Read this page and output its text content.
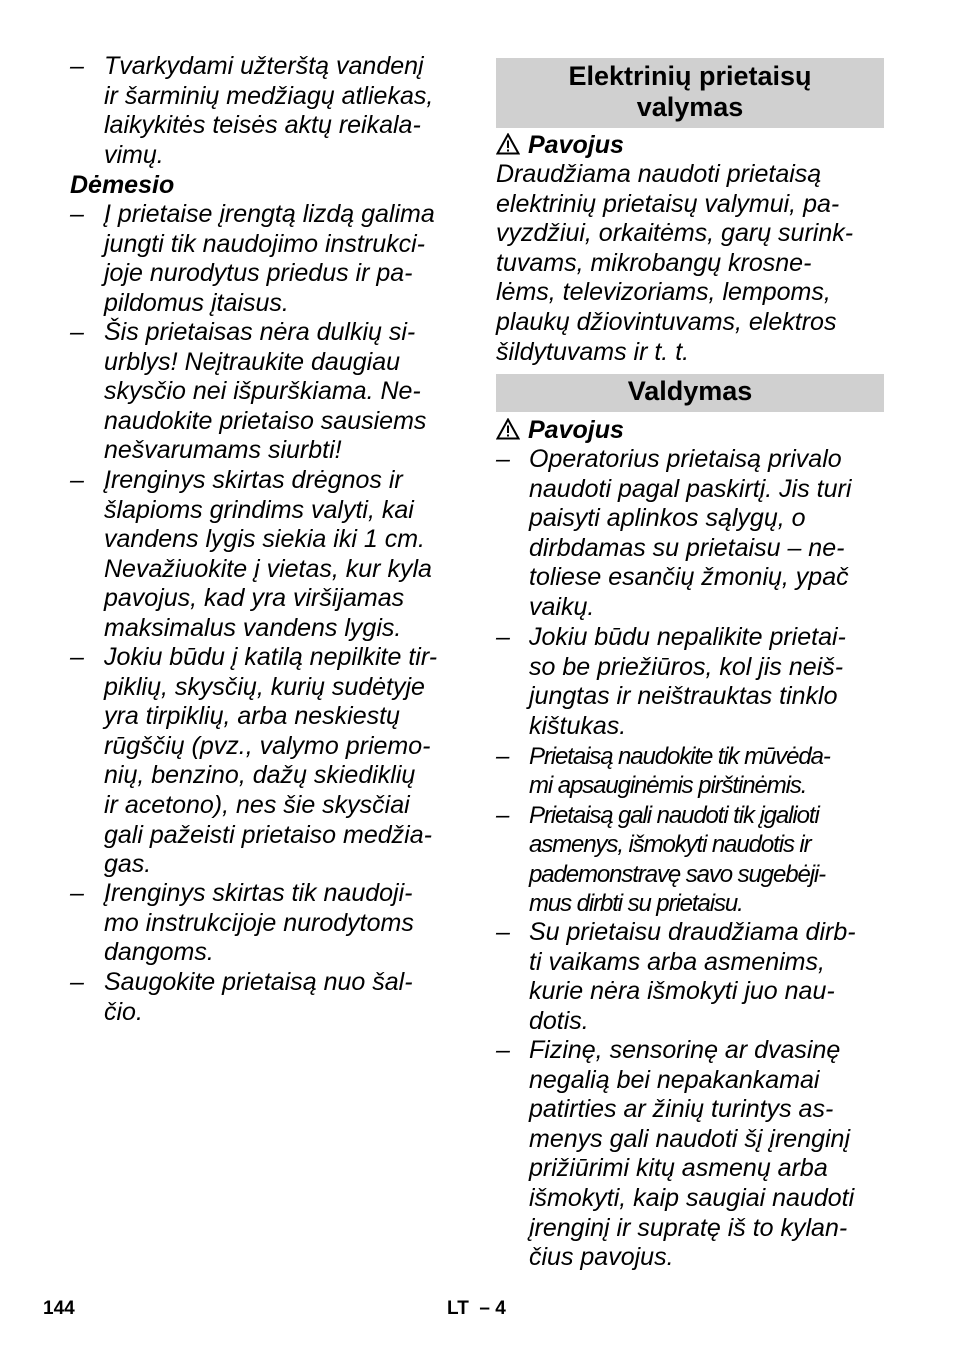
– Tvarkydami užterštą vandenį
ir šarminių medžiagų atliekas,
laikykitės teisės aktų reikala-
vimų.
Dėmesio
– Į prietaise įrengtą lizdą galima
jungti tik naudojimo instrukci-
joje nurodytus priedus ir pa-
pildomus įtaisus.
– Šis prietaisas nėra dulkių si-
urblys! Neįtraukite daugiau
skysčio nei išpurškiama. Ne-
naudokite prietaiso sausiems
nešvarumams siurbti!
– Įrenginys skirtas drėgnos ir
šlapioms grindims valyti, kai
vandens lygis siekia iki 1 cm.
Nevažiuokite į vietas, kur kyla
pavojus, kad yra viršijamas
maksimalus vandens lygis.
– Jokiu būdu į katilą nepilkite tir-
piklių, skysčių, kurių sudėtyje
yra tirpiklių, arba neskiestų
rūgščių (pvz., valymo priemo-
nių, benzino, dažų skiediklių
ir acetono), nes šie skysčiai
gali pažeisti prietaiso medžia-
gas.
– Įrenginys skirtas tik naudoji-
mo instrukcijoje nurodytoms
dangoms.
– Saugokite prietaisą nuo šal-
čio.
Elektrinių prietaisų
valymas
Pavojus
Draudžiama naudoti prietaisą
elektrinių prietaisų valymui, pa-
vyzdžiui, orkaitėms, garų surink-
tuvams, mikrobangų krosne-
lėms, televizoriams, lempoms,
plaukų džiovintuvams, elektros
šildytuvams ir t. t.
Valdymas
Pavojus
– Operatorius prietaisą privalo
naudoti pagal paskirtį. Jis turi
paisyti aplinkos sąlygų, o
dirbdamas su prietaisu – ne-
toliese esančių žmonių, ypač
vaikų.
– Jokiu būdu nepalikite prietai-
so be priežiūros, kol jis neiš-
jungtas ir neištrauktas tinklo
kištukas.
– Prietaisą naudokite tik mūvėda-
mi apsauginėmis pirštinėmis.
– Prietaisą gali naudoti tik įgalioti
asmenys, išmokyti naudotis ir
pademonstravę savo sugebėji-
mus dirbti su prietaisu.
– Su prietaisu draudžiama dirb-
ti vaikams arba asmenims,
kurie nėra išmokyti juo nau-
dotis.
– Fizinę, sensorinę ar dvasinę
negalią bei nepakankamai
patirties ar žinių turintys as-
menys gali naudoti šį įrenginį
prižiūrimi kitų asmenų arba
išmokyti, kaip saugiai naudoti
įrenginį ir supratę iš to kylan-
čius pavojus.
144	LT  – 4
